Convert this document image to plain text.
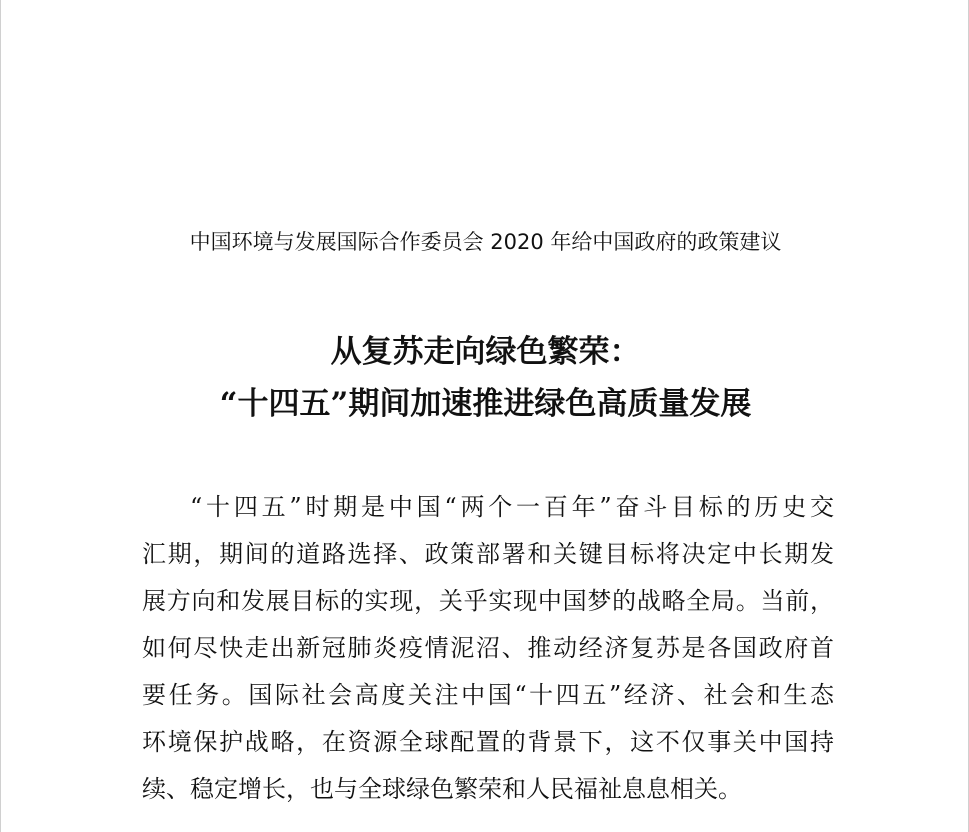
中国环境与发展国际合作委员会 2020 年给中国政府的政策建议
从复苏走向绿色繁荣：
“十四五”期间加速推进绿色高质量发展
“十四五”时期是中国“两个一百年”奋斗目标的历史交
汇期，期间的道路选择、政策部署和关键目标将决定中长期发
展方向和发展目标的实现，关乎实现中国梦的战略全局。当前，
如何尽快走出新冠肺炎疫情泥沼、推动经济复苏是各国政府首
要任务。国际社会高度关注中国“十四五”经济、社会和生态
环境保护战略，在资源全球配置的背景下，这不仅事关中国持
续、稳定增长，也与全球绿色繁荣和人民福祉息息相关。
